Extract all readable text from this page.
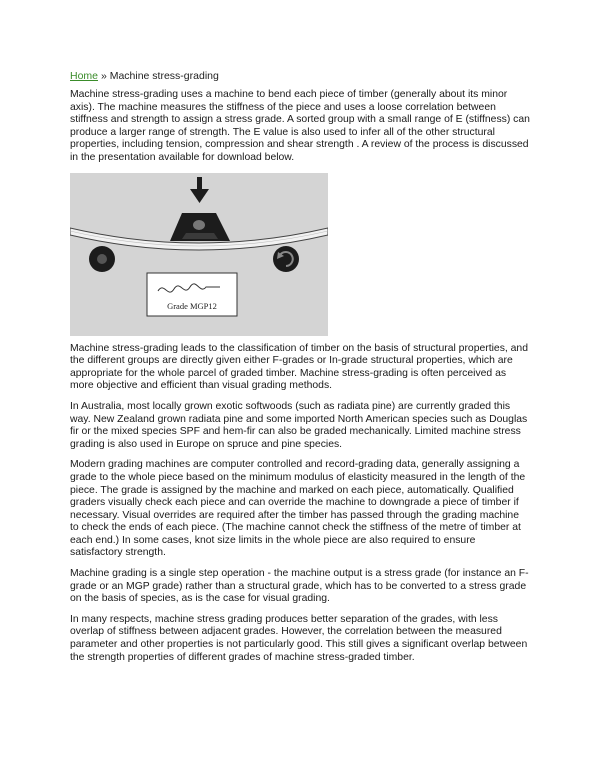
Home » Machine stress-grading

Machine stress-grading uses a machine to bend each piece of timber (generally about its minor axis). The machine measures the stiffness of the piece and uses a loose correlation between stiffness and strength to assign a stress grade. A sorted group with a small range of E (stiffness) can produce a larger range of strength. The E value is also used to infer all of the other structural properties, including tension, compression and shear strength . A review of the process is discussed in the presentation available for download below.

Grade MGP12

Machine stress-grading leads to the classification of timber on the basis of structural properties, and the different groups are directly given either F-grades or In-grade structural properties, which are appropriate for the whole parcel of graded timber. Machine stress-grading is often perceived as more objective and efficient than visual grading methods.

In Australia, most locally grown exotic softwoods (such as radiata pine) are currently graded this way. New Zealand grown radiata pine and some imported North American species such as Douglas fir or the mixed species SPF and hem-fir can also be graded mechanically. Limited machine stress grading is also used in Europe on spruce and pine species.

Modern grading machines are computer controlled and record-grading data, generally assigning a grade to the whole piece based on the minimum modulus of elasticity measured in the length of the piece. The grade is assigned by the machine and marked on each piece, automatically. Qualified graders visually check each piece and can override the machine to downgrade a piece of timber if necessary. Visual overrides are required after the timber has passed through the grading machine to check the ends of each piece. (The machine cannot check the stiffness of the metre of timber at each end.) In some cases, knot size limits in the whole piece are also required to ensure satisfactory strength.

Machine grading is a single step operation - the machine output is a stress grade (for instance an F-grade or an MGP grade) rather than a structural grade, which has to be converted to a stress grade on the basis of species, as is the case for visual grading.

In many respects, machine stress grading produces better separation of the grades, with less overlap of stiffness between adjacent grades. However, the correlation between the measured parameter and other properties is not particularly good. This still gives a significant overlap between the strength properties of different grades of machine stress-graded timber.
